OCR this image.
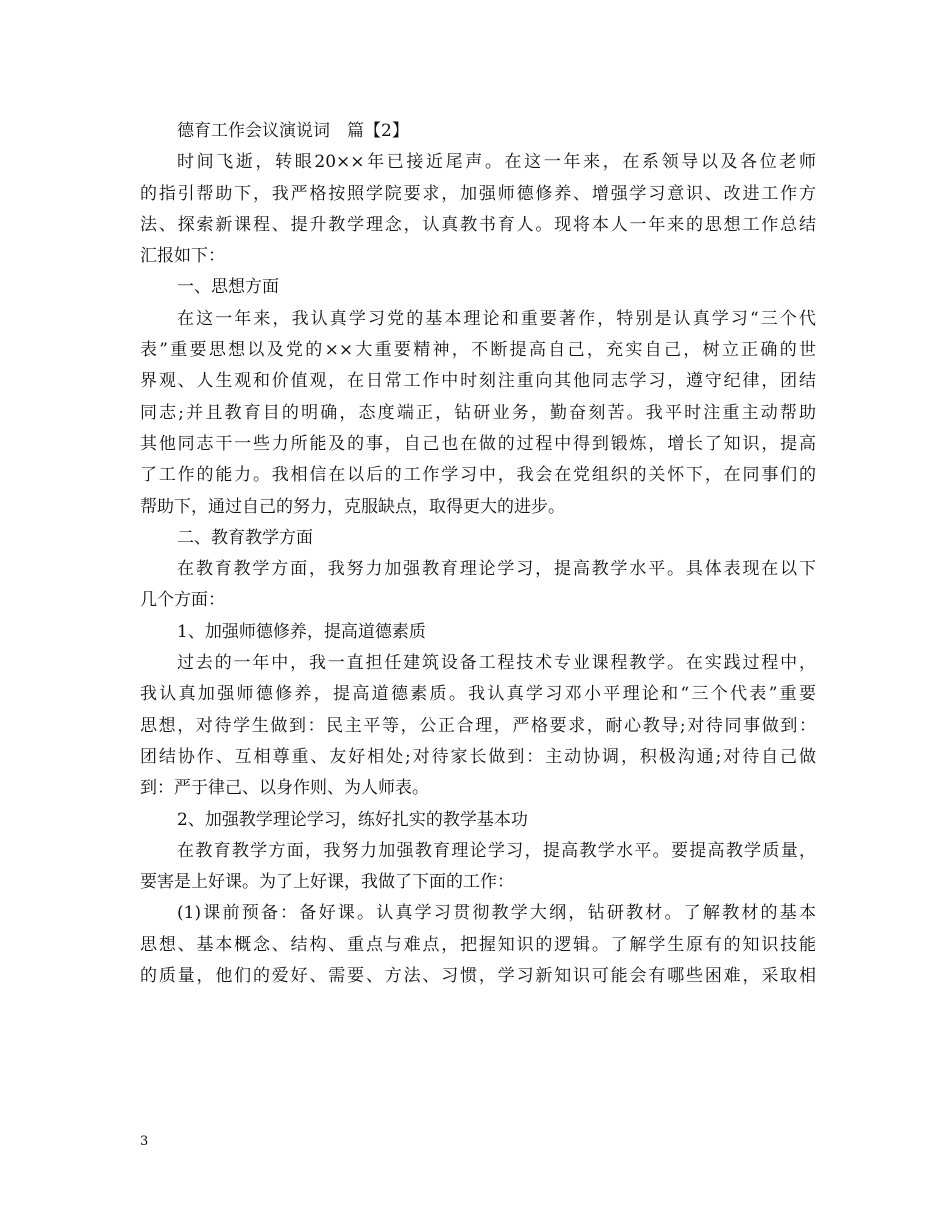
德育工作会议演说词　篇【2】
时间飞逝，转眼20××年已接近尾声。在这一年来，在系领导以及各位老师
的指引帮助下，我严格按照学院要求，加强师德修养、增强学习意识、改进工作方
法、探索新课程、提升教学理念，认真教书育人。现将本人一年来的思想工作总结
汇报如下：
一、思想方面
在这一年来，我认真学习党的基本理论和重要著作，特别是认真学习“三个代
表”重要思想以及党的××大重要精神，不断提高自己，充实自己，树立正确的世
界观、人生观和价值观，在日常工作中时刻注重向其他同志学习，遵守纪律，团结
同志;并且教育目的明确，态度端正，钻研业务，勤奋刻苦。我平时注重主动帮助
其他同志干一些力所能及的事，自己也在做的过程中得到锻炼，增长了知识，提高
了工作的能力。我相信在以后的工作学习中，我会在党组织的关怀下，在同事们的
帮助下，通过自己的努力，克服缺点，取得更大的进步。
二、教育教学方面
在教育教学方面，我努力加强教育理论学习，提高教学水平。具体表现在以下
几个方面：
1、加强师德修养，提高道德素质
过去的一年中，我一直担任建筑设备工程技术专业课程教学。在实践过程中，
我认真加强师德修养，提高道德素质。我认真学习邓小平理论和“三个代表”重要
思想，对待学生做到：民主平等，公正合理，严格要求，耐心教导;对待同事做到：
团结协作、互相尊重、友好相处;对待家长做到：主动协调，积极沟通;对待自己做
到：严于律己、以身作则、为人师表。
2、加强教学理论学习，练好扎实的教学基本功
在教育教学方面，我努力加强教育理论学习，提高教学水平。要提高教学质量，
要害是上好课。为了上好课，我做了下面的工作：
(1)课前预备：备好课。认真学习贯彻教学大纲，钻研教材。了解教材的基本
思想、基本概念、结构、重点与难点，把握知识的逻辑。了解学生原有的知识技能
的质量，他们的爱好、需要、方法、习惯，学习新知识可能会有哪些困难，采取相
3
